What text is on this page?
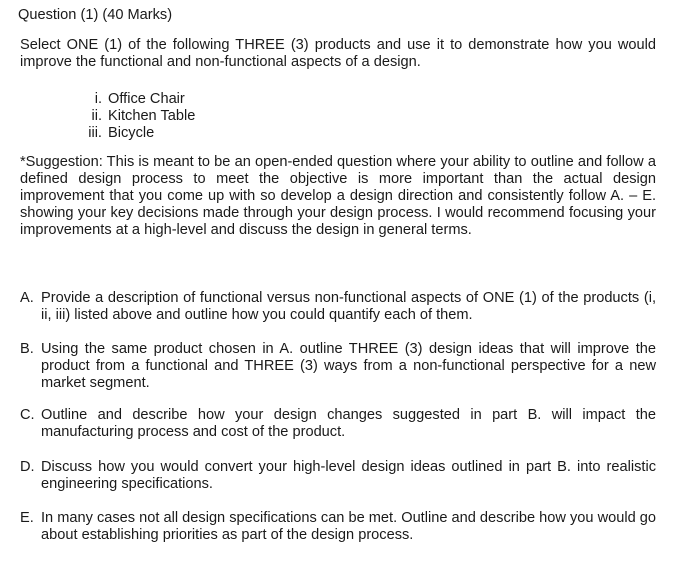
Question (1) (40 Marks)

Select ONE (1) of the following THREE (3) products and use it to demonstrate how you would improve the functional and non-functional aspects of a design.

i. Office Chair
ii. Kitchen Table
iii. Bicycle

*Suggestion: This is meant to be an open-ended question where your ability to outline and follow a defined design process to meet the objective is more important than the actual design improvement that you come up with so develop a design direction and consistently follow A. – E. showing your key decisions made through your design process. I would recommend focusing your improvements at a high-level and discuss the design in general terms.

A. Provide a description of functional versus non-functional aspects of ONE (1) of the products (i, ii, iii) listed above and outline how you could quantify each of them.
B. Using the same product chosen in A. outline THREE (3) design ideas that will improve the product from a functional and THREE (3) ways from a non-functional perspective for a new market segment.
C. Outline and describe how your design changes suggested in part B. will impact the manufacturing process and cost of the product.
D. Discuss how you would convert your high-level design ideas outlined in part B. into realistic engineering specifications.
E. In many cases not all design specifications can be met. Outline and describe how you would go about establishing priorities as part of the design process.
